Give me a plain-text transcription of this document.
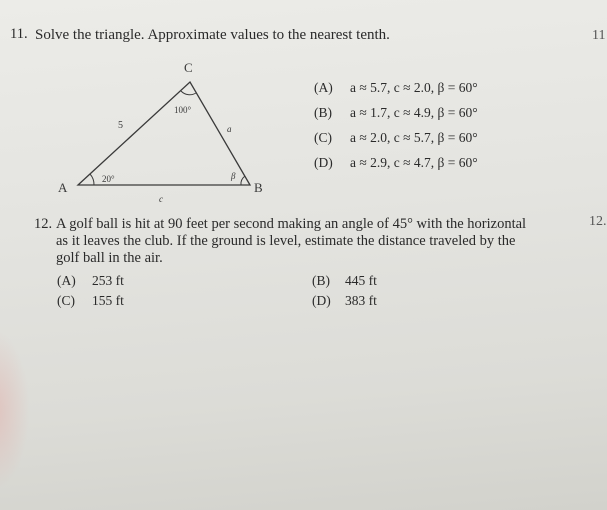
11. Solve the triangle. Approximate values to the nearest tenth.	11
C
A	B
5	a
c
20°
100°
β
(A) a ≈ 5.7, c ≈ 2.0, β = 60°
(B) a ≈ 1.7, c ≈ 4.9, β = 60°
(C) a ≈ 2.0, c ≈ 5.7, β = 60°
(D) a ≈ 2.9, c ≈ 4.7, β = 60°
12. A golf ball is hit at 90 feet per second making an angle of 45° with the horizontal
as it leaves the club. If the ground is level, estimate the distance traveled by the
golf ball in the air.
12.
(A) 253 ft	(B) 445 ft
(C) 155 ft	(D) 383 ft
